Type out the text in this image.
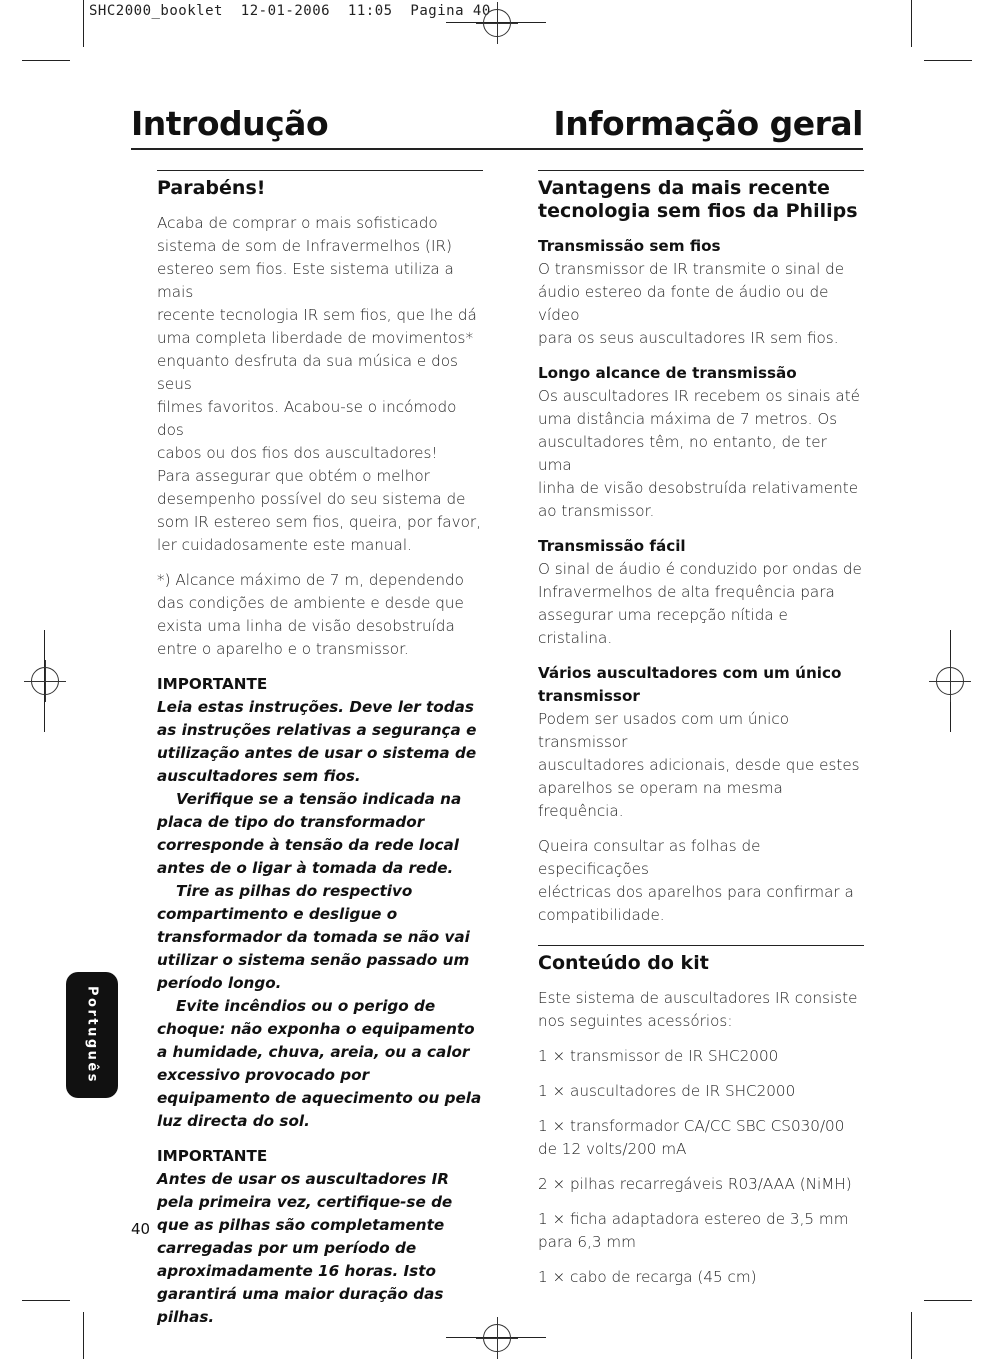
SHC2000_booklet  12-01-2006  11:05  Pagina 40
Introdução	Informação geral
Parabéns!

Acaba de comprar o mais sofisticado
sistema de som de Infravermelhos (IR)
estereo sem fios. Este sistema utiliza a mais
recente tecnologia IR sem fios, que lhe dá
uma completa liberdade de movimentos*
enquanto desfruta da sua música e dos seus
filmes favoritos. Acabou-se o incómodo dos
cabos ou dos fios dos auscultadores!
Para assegurar que obtém o melhor
desempenho possível do seu sistema de
som IR estereo sem fios, queira, por favor,
ler cuidadosamente este manual.

*) Alcance máximo de 7 m, dependendo
das condições de ambiente e desde que
exista uma linha de visão desobstruída
entre o aparelho e o transmissor.

IMPORTANTE
Leia estas instruções. Deve ler todas as instruções relativas a segurança e utilização antes de usar o sistema de auscultadores sem fios.
Verifique se a tensão indicada na placa de tipo do transformador corresponde à tensão da rede local antes de o ligar à tomada da rede.
Tire as pilhas do respectivo compartimento e desligue o transformador da tomada se não vai utilizar o sistema senão passado um período longo.
Evite incêndios ou o perigo de choque: não exponha o equipamento a humidade, chuva, areia, ou a calor excessivo provocado por equipamento de aquecimento ou pela luz directa do sol.
IMPORTANTE
Antes de usar os auscultadores IR pela primeira vez, certifique-se de que as pilhas são completamente carregadas por um período de aproximadamente 16 horas. Isto garantirá uma maior duração das pilhas.
Vantagens da mais recente
tecnologia sem fios da Philips
Transmissão sem fios

O transmissor de IR transmite o sinal de
áudio estereo da fonte de áudio ou de vídeo
para os seus auscultadores IR sem fios.

Longo alcance de transmissão

Os auscultadores IR recebem os sinais até
uma distância máxima de 7 metros. Os
auscultadores têm, no entanto, de ter uma
linha de visão desobstruída relativamente
ao transmissor.

Transmissão fácil

O sinal de áudio é conduzido por ondas de
Infravermelhos de alta frequência para
assegurar uma recepção nítida e cristalina.

Vários auscultadores com um único
transmissor

Podem ser usados com um único transmissor
auscultadores adicionais, desde que estes
aparelhos se operam na mesma frequência.

Queira consultar as folhas de especificações
eléctricas dos aparelhos para confirmar a
compatibilidade.

Conteúdo do kit

Este sistema de auscultadores IR consiste
nos seguintes acessórios:

1 × transmissor de IR SHC2000

1 × auscultadores de IR SHC2000

1 × transformador CA/CC SBC CS030/00
de 12 volts/200 mA

2 × pilhas recarregáveis R03/AAA (NiMH)

1 × ficha adaptadora estereo de 3,5 mm
para 6,3 mm

1 × cabo de recarga (45 cm)

Português
40
